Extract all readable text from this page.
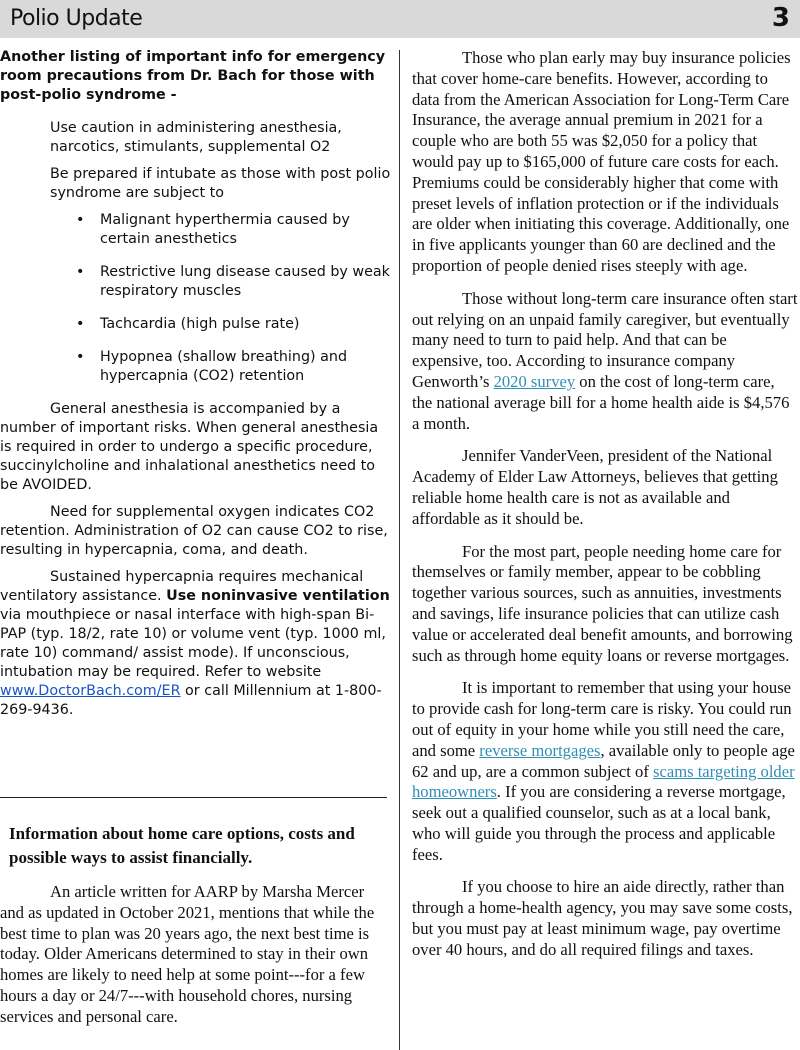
Polio Update	3

Another listing of important info for emergency room precautions from Dr. Bach for those with post-polio syndrome -

Use caution in administering anesthesia, narcotics, stimulants, supplemental O2

Be prepared if intubate as those with post polio syndrome are subject to

• Malignant hyperthermia caused by certain anesthetics
• Restrictive lung disease caused by weak respiratory muscles
• Tachcardia (high pulse rate)
• Hypopnea (shallow breathing) and hypercapnia (CO2) retention

General anesthesia is accompanied by a number of important risks. When general anesthesia is required in order to undergo a specific procedure, succinylcholine and inhalational anesthetics need to be AVOIDED.

Need for supplemental oxygen indicates CO2 retention. Administration of O2 can cause CO2 to rise, resulting in hypercapnia, coma, and death.

Sustained hypercapnia requires mechanical ventilatory assistance. Use noninvasive ventilation via mouthpiece or nasal interface with high-span Bi-PAP (typ. 18/2, rate 10) or volume vent (typ. 1000 ml, rate 10) command/ assist mode). If unconscious, intubation may be required. Refer to website www.DoctorBach.com/ER or call Millennium at 1-800-269-9436.

Information about home care options, costs and possible ways to assist financially.

An article written for AARP by Marsha Mercer and as updated in October 2021, mentions that while the best time to plan was 20 years ago, the next best time is today. Older Americans determined to stay in their own homes are likely to need help at some point---for a few hours a day or 24/7---with household chores, nursing services and personal care.

Those who plan early may buy insurance policies that cover home-care benefits. However, according to data from the American Association for Long-Term Care Insurance, the average annual premium in 2021 for a couple who are both 55 was $2,050 for a policy that would pay up to $165,000 of future care costs for each. Premiums could be considerably higher that come with preset levels of inflation protection or if the individuals are older when initiating this coverage. Additionally, one in five applicants younger than 60 are declined and the proportion of people denied rises steeply with age.

Those without long-term care insurance often start out relying on an unpaid family caregiver, but eventually many need to turn to paid help. And that can be expensive, too. According to insurance company Genworth’s 2020 survey on the cost of long-term care, the national average bill for a home health aide is $4,576 a month.

Jennifer VanderVeen, president of the National Academy of Elder Law Attorneys, believes that getting reliable home health care is not as available and affordable as it should be.

For the most part, people needing home care for themselves or family member, appear to be cobbling together various sources, such as annuities, investments and savings, life insurance policies that can utilize cash value or accelerated deal benefit amounts, and borrowing such as through home equity loans or reverse mortgages.

It is important to remember that using your house to provide cash for long-term care is risky. You could run out of equity in your home while you still need the care, and some reverse mortgages, available only to people age 62 and up, are a common subject of scams targeting older homeowners. If you are considering a reverse mortgage, seek out a qualified counselor, such as at a local bank, who will guide you through the process and applicable fees.

If you choose to hire an aide directly, rather than through a home-health agency, you may save some costs, but you must pay at least minimum wage, pay overtime over 40 hours, and do all required filings and taxes.
